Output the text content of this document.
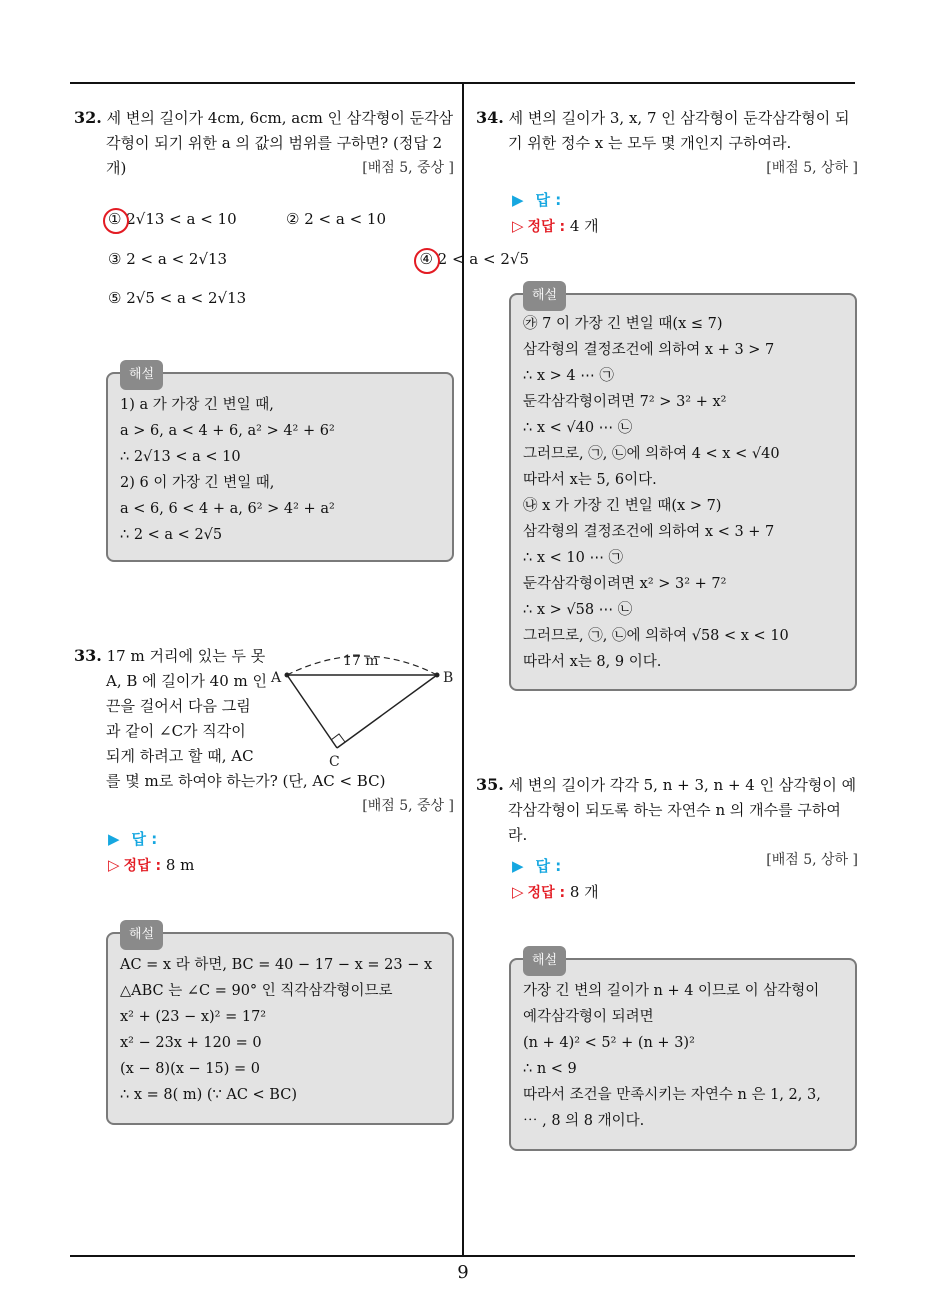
32. 세 변의 길이가 4cm, 6cm, acm 인 삼각형이 둔각삼각형이 되기 위한 a 의 값의 범위를 구하면? (정답 2 개)	[배점 5, 중상 ]
① 2√13 < a < 10	② 2 < a < 10
③ 2 < a < 2√13	④ 2 < a < 2√5
⑤ 2√5 < a < 2√13
해설
1) a 가 가장 긴 변일 때,
a > 6, a < 4 + 6, a² > 4² + 6²
∴ 2√13 < a < 10
2) 6 이 가장 긴 변일 때,
a < 6, 6 < 4 + a, 6² > 4² + a²
∴ 2 < a < 2√5
33. 17 m 거리에 있는 두 못
A, B 에 길이가 40 m 인
끈을 걸어서 다음 그림
과 같이 ∠C가 직각이
되게 하려고 할 때, AC
를 몇 m로 하여야 하는가? (단, AC < BC)
[배점 5, 중상 ]
17 m
A	B
C
▶ 답 :
▷ 정답 : 8 m
해설
AC = x 라 하면, BC = 40 − 17 − x = 23 − x
△ABC 는 ∠C = 90° 인 직각삼각형이므로
x² + (23 − x)² = 17²
x² − 23x + 120 = 0
(x − 8)(x − 15) = 0
∴ x = 8( m) (∵ AC < BC)
34. 세 변의 길이가 3, x, 7 인 삼각형이 둔각삼각형이 되기 위한 정수 x 는 모두 몇 개인지 구하여라.
[배점 5, 상하 ]
▶ 답 :
▷ 정답 : 4 개
해설
㉮ 7 이 가장 긴 변일 때(x ≤ 7)
삼각형의 결정조건에 의하여 x + 3 > 7
∴ x > 4 ⋯ ㉠
둔각삼각형이려면 7² > 3² + x²
∴ x < √40 ⋯ ㉡
그러므로, ㉠, ㉡에 의하여 4 < x < √40
따라서 x는 5, 6이다.
㉯ x 가 가장 긴 변일 때(x > 7)
삼각형의 결정조건에 의하여 x < 3 + 7
∴ x < 10 ⋯ ㉠
둔각삼각형이려면 x² > 3² + 7²
∴ x > √58 ⋯ ㉡
그러므로, ㉠, ㉡에 의하여 √58 < x < 10
따라서 x는 8, 9 이다.
35. 세 변의 길이가 각각 5, n + 3, n + 4 인 삼각형이 예각삼각형이 되도록 하는 자연수 n 의 개수를 구하여라.
[배점 5, 상하 ]
▶ 답 :
▷ 정답 : 8 개
해설
가장 긴 변의 길이가 n + 4 이므로 이 삼각형이
예각삼각형이 되려면
(n + 4)² < 5² + (n + 3)²
∴ n < 9
따라서 조건을 만족시키는 자연수 n 은 1, 2, 3,
⋯ , 8 의 8 개이다.
9
